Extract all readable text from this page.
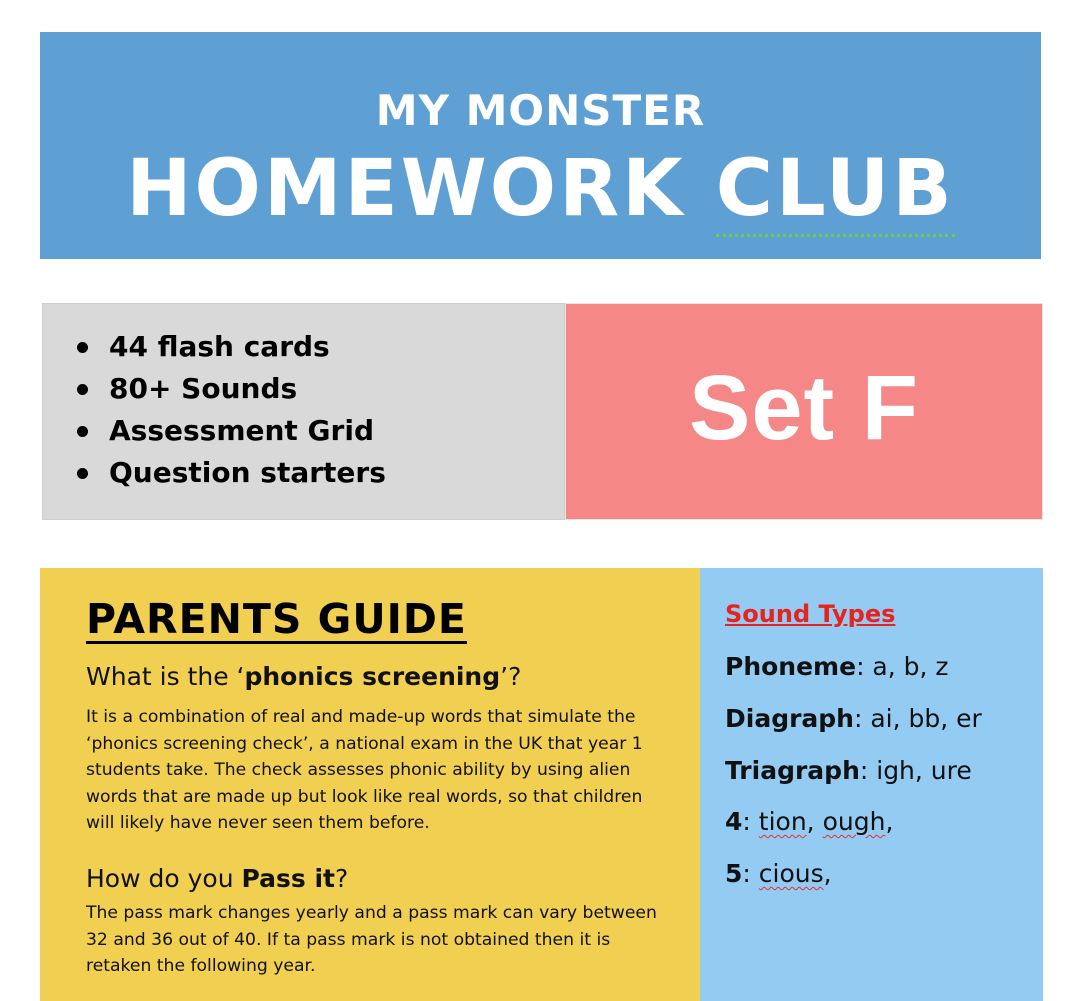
MY MONSTER
HOMEWORK CLUB
44 flash cards
80+ Sounds
Assessment Grid
Question starters
Set F
PARENTS GUIDE
What is the ‘phonics screening’?
It is a combination of real and made-up words that simulate the
‘phonics screening check’, a national exam in the UK that year 1
students take. The check assesses phonic ability by using alien
words that are made up but look like real words, so that children
will likely have never seen them before.
How do you Pass it?
The pass mark changes yearly and a pass mark can vary between
32 and 36 out of 40. If ta pass mark is not obtained then it is
retaken the following year.
Sound Types
Phoneme: a, b, z
Diagraph: ai, bb, er
Triagraph: igh, ure
4: tion, ough,
5: cious,
